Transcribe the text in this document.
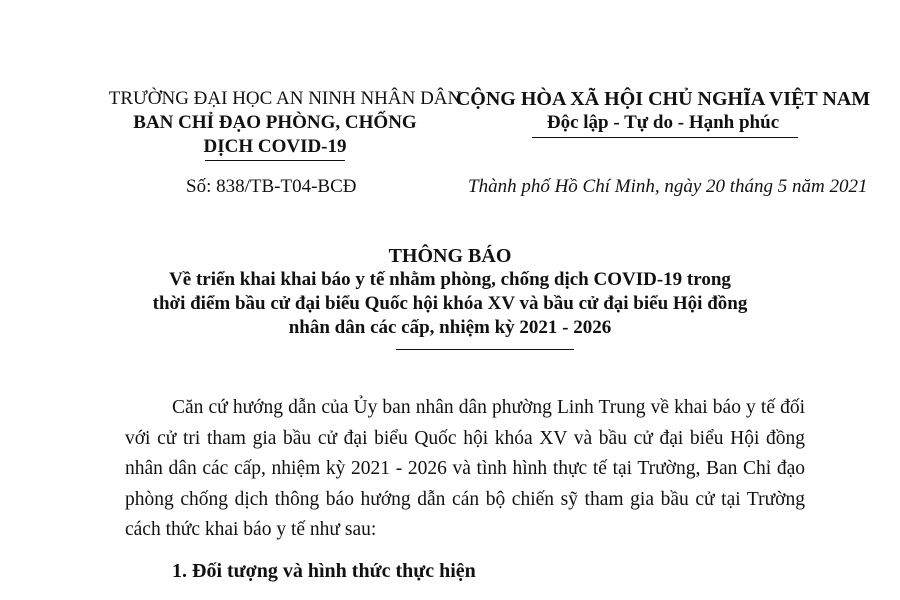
TRƯỜNG ĐẠI HỌC AN NINH NHÂN DÂN
BAN CHỈ ĐẠO PHÒNG, CHỐNG
DỊCH COVID-19
Số: 838/TB-T04-BCĐ
CỘNG HÒA XÃ HỘI CHỦ NGHĨA VIỆT NAM
Độc lập - Tự do - Hạnh phúc
Thành phố Hồ Chí Minh, ngày 20 tháng 5 năm 2021
THÔNG BÁO
Về triển khai khai báo y tế nhằm phòng, chống dịch COVID-19 trong
thời điểm bầu cử đại biểu Quốc hội khóa XV và bầu cử đại biểu Hội đồng
nhân dân các cấp, nhiệm kỳ 2021 - 2026
Căn cứ hướng dẫn của Ủy ban nhân dân phường Linh Trung về khai báo y tế đối với cử tri tham gia bầu cử đại biểu Quốc hội khóa XV và bầu cử đại biểu Hội đồng nhân dân các cấp, nhiệm kỳ 2021 - 2026 và tình hình thực tế tại Trường, Ban Chỉ đạo phòng chống dịch thông báo hướng dẫn cán bộ chiến sỹ tham gia bầu cử tại Trường cách thức khai báo y tế như sau:
1. Đối tượng và hình thức thực hiện
